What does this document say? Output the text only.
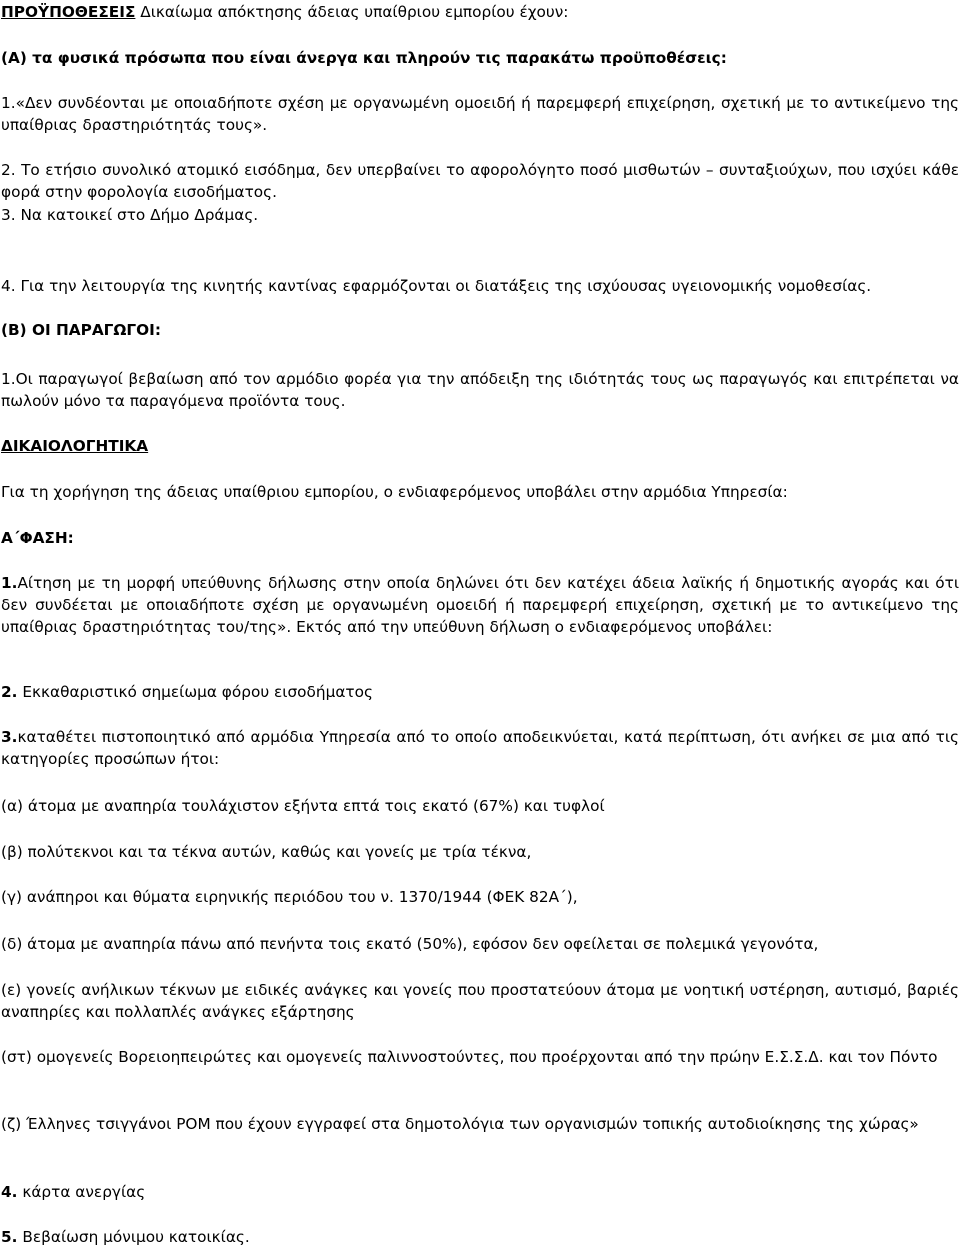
ΠΡΟΫΠΟΘΕΣΕΙΣ Δικαίωμα απόκτησης άδειας υπαίθριου εμπορίου έχουν:

(Α) τα φυσικά πρόσωπα που είναι άνεργα και πληρούν τις παρακάτω προϋποθέσεις:

1.«Δεν συνδέονται με οποιαδήποτε σχέση με οργανωμένη ομοειδή ή παρεμφερή επιχείρηση, σχετική με το αντικείμενο της υπαίθριας δραστηριότητάς τους».

2. Το ετήσιο συνολικό ατομικό εισόδημα, δεν υπερβαίνει το αφορολόγητο ποσό μισθωτών – συνταξιούχων, που ισχύει κάθε φορά στην φορολογία εισοδήματος.

3. Να κατοικεί στο Δήμο Δράμας.

4. Για την λειτουργία της κινητής καντίνας εφαρμόζονται οι διατάξεις της ισχύουσας υγειονομικής νομοθεσίας.

(Β) ΟΙ ΠΑΡΑΓΩΓΟΙ:

1.Οι παραγωγοί βεβαίωση από τον αρμόδιο φορέα για την απόδειξη της ιδιότητάς τους ως παραγωγός και επιτρέπεται να πωλούν μόνο τα παραγόμενα προϊόντα τους.

ΔΙΚΑΙΟΛΟΓΗΤΙΚΑ

Για τη χορήγηση της άδειας υπαίθριου εμπορίου, ο ενδιαφερόμενος υποβάλει στην αρμόδια Υπηρεσία:

Α΄ΦΑΣΗ:

1.Αίτηση με τη μορφή υπεύθυνης δήλωσης στην οποία δηλώνει ότι δεν κατέχει άδεια λαϊκής ή δημοτικής αγοράς και ότι δεν συνδέεται με οποιαδήποτε σχέση με οργανωμένη ομοειδή ή παρεμφερή επιχείρηση, σχετική με το αντικείμενο της υπαίθριας δραστηριότητας του/της». Εκτός από την υπεύθυνη δήλωση ο ενδιαφερόμενος υποβάλει:

2. Εκκαθαριστικό σημείωμα φόρου εισοδήματος

3.καταθέτει πιστοποιητικό από αρμόδια Υπηρεσία από το οποίο αποδεικνύεται, κατά περίπτωση, ότι ανήκει σε μια από τις κατηγορίες προσώπων ήτοι:

(α) άτομα με αναπηρία τουλάχιστον εξήντα επτά τοις εκατό (67%) και τυφλοί

(β) πολύτεκνοι και τα τέκνα αυτών, καθώς και γονείς με τρία τέκνα,

(γ) ανάπηροι και θύματα ειρηνικής περιόδου του ν. 1370/1944 (ΦΕΚ 82Α΄),

(δ) άτομα με αναπηρία πάνω από πενήντα τοις εκατό (50%), εφόσον δεν οφείλεται σε πολεμικά γεγονότα,

(ε) γονείς ανήλικων τέκνων με ειδικές ανάγκες και γονείς που προστατεύουν άτομα με νοητική υστέρηση, αυτισμό, βαριές αναπηρίες και πολλαπλές ανάγκες εξάρτησης

(στ) ομογενείς Βορειοηπειρώτες και ομογενείς παλιννοστούντες, που προέρχονται από την πρώην Ε.Σ.Σ.Δ. και τον Πόντο

(ζ) Έλληνες τσιγγάνοι ΡΟΜ που έχουν εγγραφεί στα δημοτολόγια των οργανισμών τοπικής αυτοδιοίκησης της χώρας»

4. κάρτα ανεργίας

5. Βεβαίωση μόνιμου κατοικίας.
